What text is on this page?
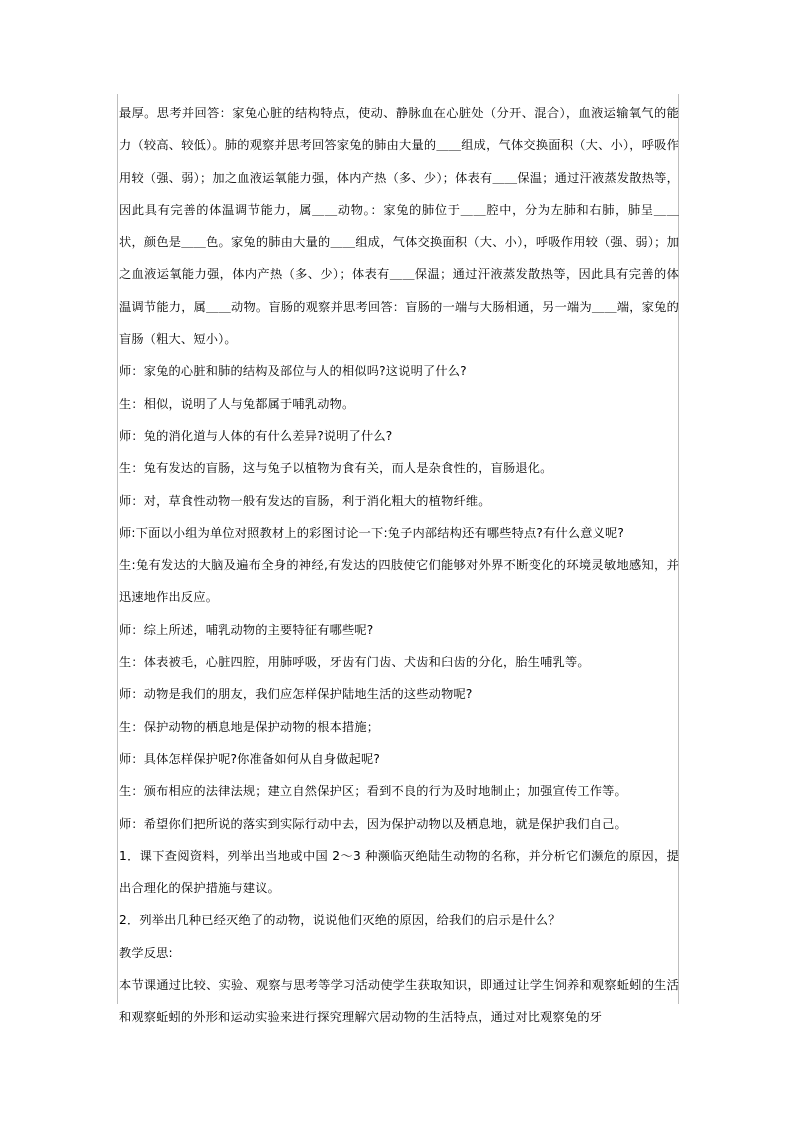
最厚。思考并回答：家兔心脏的结构特点，使动、静脉血在心脏处（分开、混合），血液运输氧气的能力（较高、较低）。肺的观察并思考回答家兔的肺由大量的＿＿组成，气体交换面积（大、小），呼吸作用较（强、弱）；加之血液运氧能力强，体内产热（多、少）；体表有＿＿保温；通过汗液蒸发散热等，因此具有完善的体温调节能力，属＿＿动物。：家兔的肺位于＿＿腔中，分为左肺和右肺，肺呈＿＿状，颜色是＿＿色。家兔的肺由大量的＿＿组成，气体交换面积（大、小），呼吸作用较（强、弱）；加之血液运氧能力强，体内产热（多、少）；体表有＿＿保温；通过汗液蒸发散热等，因此具有完善的体温调节能力，属＿＿动物。盲肠的观察并思考回答：盲肠的一端与大肠相通，另一端为＿＿端，家兔的盲肠（粗大、短小）。

师：家兔的心脏和肺的结构及部位与人的相似吗?这说明了什么?

生：相似，说明了人与兔都属于哺乳动物。

师：兔的消化道与人体的有什么差异?说明了什么?

生：兔有发达的盲肠，这与兔子以植物为食有关，而人是杂食性的，盲肠退化。

师：对，草食性动物一般有发达的盲肠，利于消化粗大的植物纤维。

师:下面以小组为单位对照教材上的彩图讨论一下:兔子内部结构还有哪些特点?有什么意义呢?

生:兔有发达的大脑及遍布全身的神经,有发达的四肢使它们能够对外界不断变化的环境灵敏地感知，并迅速地作出反应。

师：综上所述，哺乳动物的主要特征有哪些呢?

生：体表被毛，心脏四腔，用肺呼吸，牙齿有门齿、犬齿和臼齿的分化，胎生哺乳等。

师：动物是我们的朋友，我们应怎样保护陆地生活的这些动物呢?

生：保护动物的栖息地是保护动物的根本措施；

师：具体怎样保护呢?你准备如何从自身做起呢?

生：颁布相应的法律法规；建立自然保护区；看到不良的行为及时地制止；加强宣传工作等。

师：希望你们把所说的落实到实际行动中去，因为保护动物以及栖息地，就是保护我们自己。

1．课下查阅资料，列举出当地或中国 2～3 种濒临灭绝陆生动物的名称，并分析它们濒危的原因，提出合理化的保护措施与建议。

2．列举出几种已经灭绝了的动物，说说他们灭绝的原因，给我们的启示是什么？

教学反思:

本节课通过比较、实验、观察与思考等学习活动使学生获取知识，即通过让学生饲养和观察蚯蚓的生活和观察蚯蚓的外形和运动实验来进行探究理解穴居动物的生活特点，通过对比观察兔的牙
